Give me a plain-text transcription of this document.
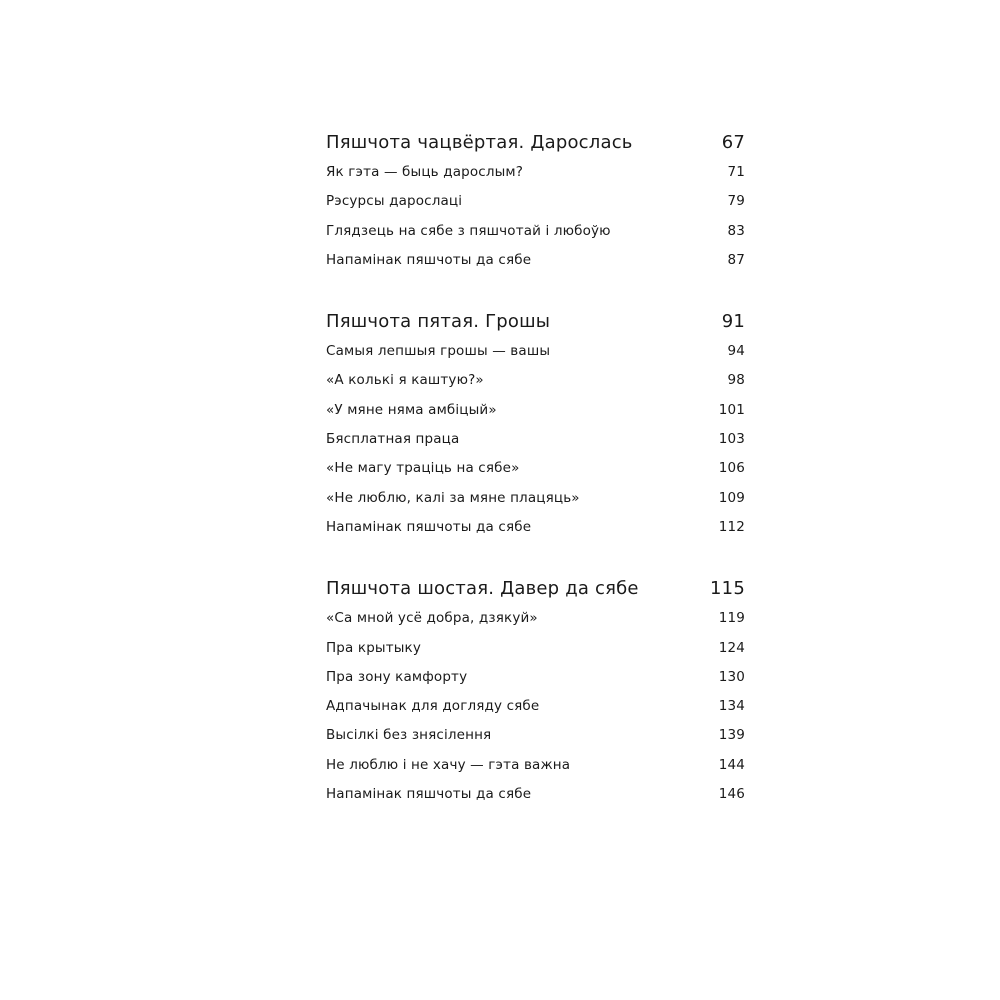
Пяшчота чацвёртая. Дарослась	67
Як гэта — быць дарослым?	71
Рэсурсы дарослаці	79
Глядзець на сябе з пяшчотай і любоўю	83
Напамінак пяшчоты да сябе	87
Пяшчота пятая. Грошы	91
Самыя лепшыя грошы — вашы	94
«А колькі я каштую?»	98
«У мяне няма амбіцый»	101
Бясплатная праца	103
«Не магу траціць на сябе»	106
«Не люблю, калі за мяне плацяць»	109
Напамінак пяшчоты да сябе	112
Пяшчота шостая. Давер да сябе	115
«Са мной усё добра, дзякуй»	119
Пра крытыку	124
Пра зону камфорту	130
Адпачынак для догляду сябе	134
Высілкі без знясілення	139
Не люблю і не хачу — гэта важна	144
Напамінак пяшчоты да сябе	146
